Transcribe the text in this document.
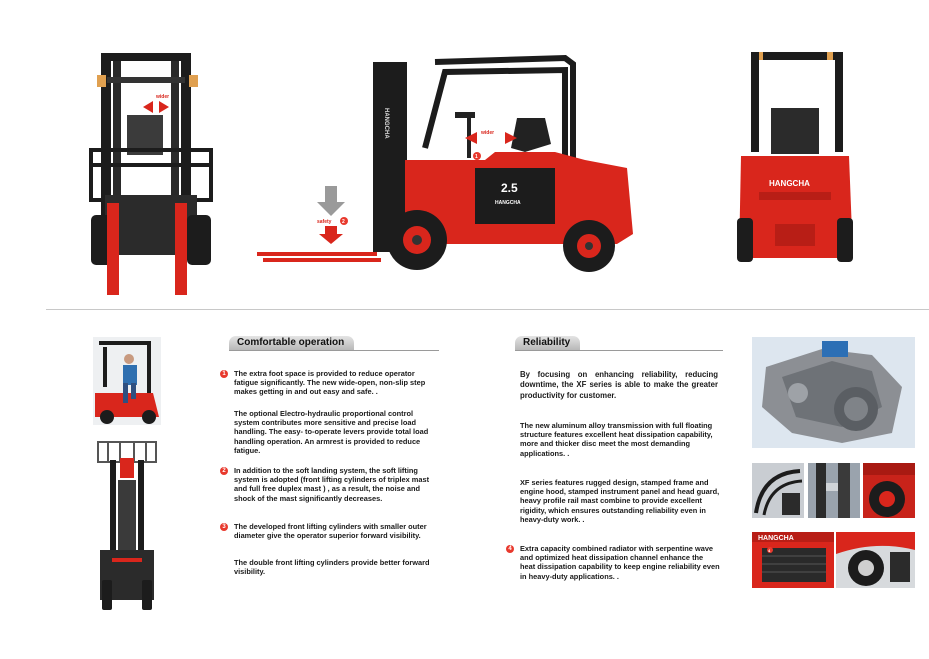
wider
HANGCHA
2.5
HANGCHA
safety 2
wider
1
HANGCHA
Comfortable operation
1	The extra foot space is provided to reduce operator fatigue significantly. The new wide-open, non-slip step makes getting in and out easy and safe. .

The optional Electro-hydraulic proportional control system contributes more sensitive and precise load handling. The easy- to-operate levers provide total load handling operation. An armrest is provided to reduce fatigue.

2	In addition to the soft landing system, the soft lifting system is adopted (front lifting cylinders of triplex mast and full free duplex mast ) , as a result, the noise and shock of the mast significantly decreases.

3	The developed front lifting cylinders with smaller outer diameter give the operator superior forward visibility.

The double front lifting cylinders provide better forward visibility.

Reliability

By focusing on enhancing reliability, reducing downtime, the XF series is able to make the greater productivity for customer.

The new aluminum alloy transmission with full floating structure features excellent heat dissipation capability, more and thicker disc meet the most demanding applications. .

XF series features rugged design, stamped frame and engine hood, stamped instrument panel and head guard, heavy profile rail mast combine to provide excellent rigidity, which ensures outstanding reliability even in heavy-duty work. .

4	Extra capacity combined radiator with serpentine wave and optimized heat dissipation channel enhance the heat dissipation capability to keep engine reliability even in heavy-duty applications. .

HANGCHA
4
